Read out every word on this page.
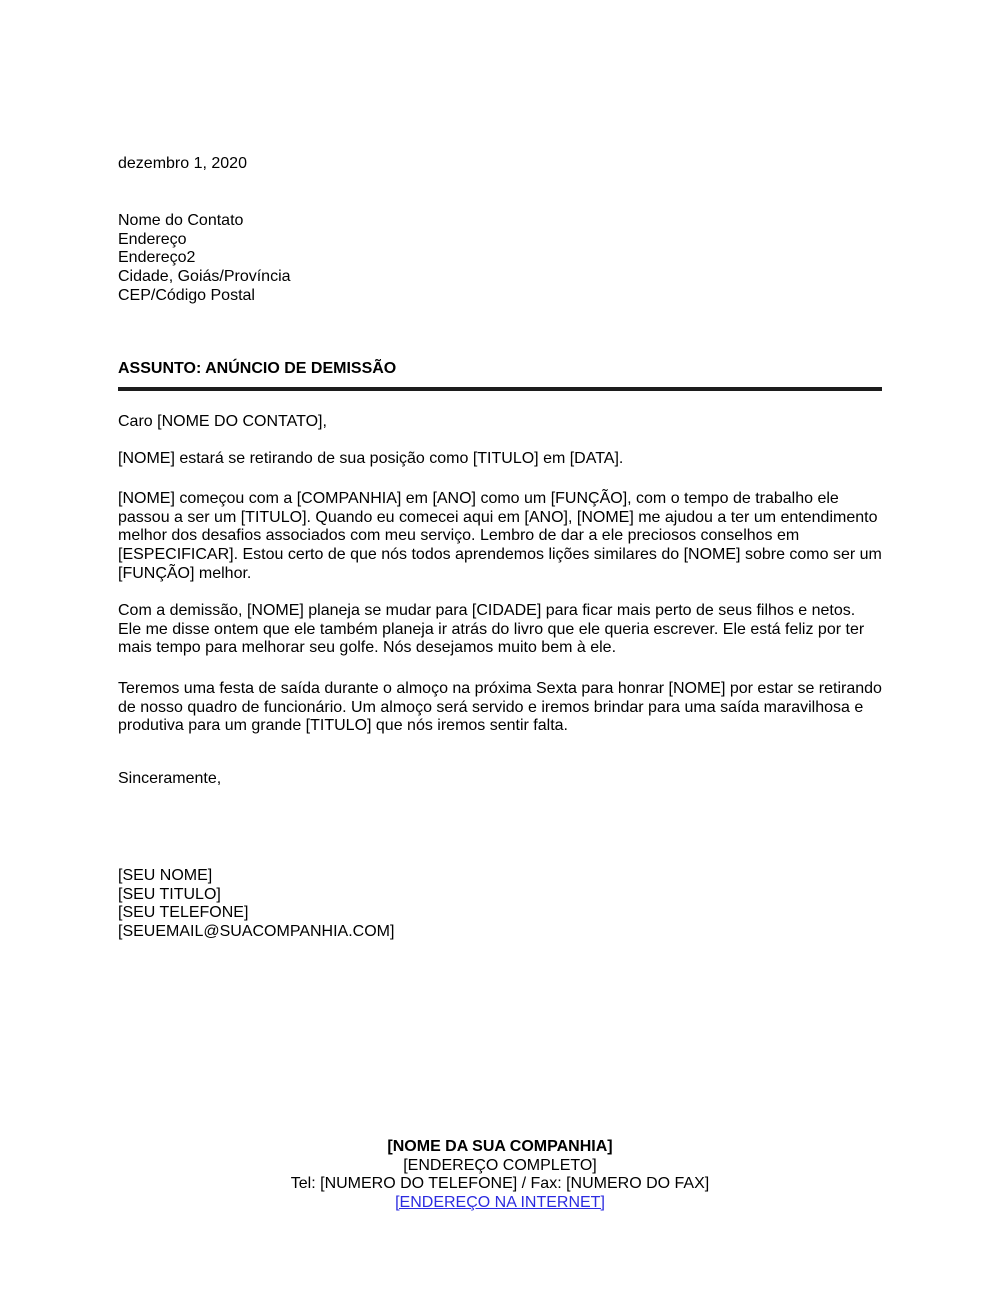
dezembro 1, 2020
Nome do Contato
Endereço
Endereço2
Cidade, Goiás/Província
CEP/Código Postal
ASSUNTO: ANÚNCIO DE DEMISSÃO
Caro [NOME DO CONTATO],
[NOME] estará se retirando de sua posição como [TITULO] em [DATA].
[NOME] começou com a [COMPANHIA] em [ANO] como um [FUNÇÃO], com o tempo de trabalho ele passou a ser um [TITULO]. Quando eu comecei aqui em [ANO], [NOME] me ajudou a ter um entendimento melhor dos desafios associados com meu serviço. Lembro de dar a ele preciosos conselhos em [ESPECIFICAR]. Estou certo de que nós todos aprendemos lições similares do [NOME] sobre como ser um [FUNÇÃO] melhor.
Com a demissão, [NOME] planeja se mudar para [CIDADE] para ficar mais perto de seus filhos e netos. Ele me disse ontem que ele também planeja ir atrás do livro que ele queria escrever. Ele está feliz por ter mais tempo para melhorar seu golfe. Nós desejamos muito bem à ele.
Teremos uma festa de saída durante o almoço na próxima Sexta para honrar [NOME] por estar se retirando de nosso quadro de funcionário. Um almoço será servido e iremos brindar para uma saída maravilhosa e produtiva para um grande [TITULO] que nós iremos sentir falta.
Sinceramente,
[SEU NOME]
[SEU TITULO]
[SEU TELEFONE]
[SEUEMAIL@SUACOMPANHIA.COM]
[NOME DA SUA COMPANHIA]
[ENDEREÇO COMPLETO]
Tel: [NUMERO DO TELEFONE] / Fax: [NUMERO DO FAX]
[ENDEREÇO NA INTERNET]
